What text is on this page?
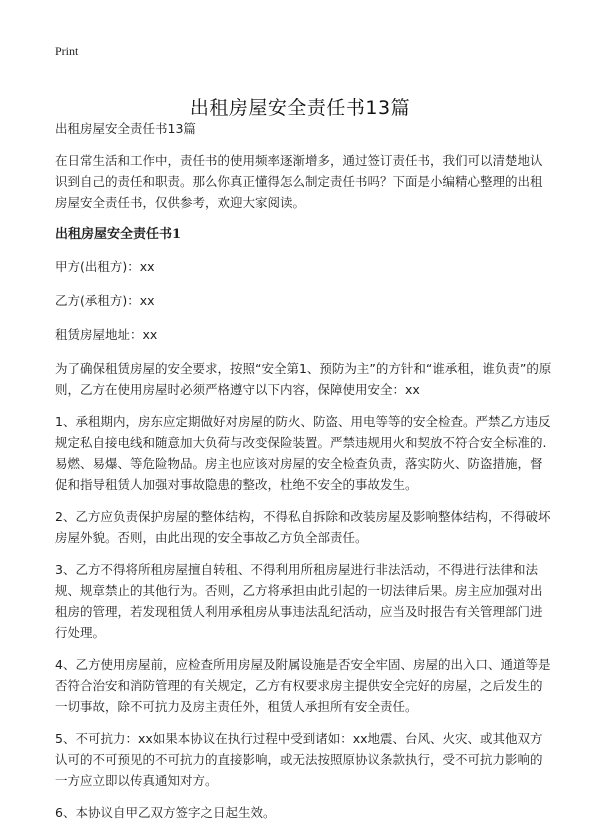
Print
出租房屋安全责任书13篇

出租房屋安全责任书13篇

在日常生活和工作中，责任书的使用频率逐渐增多，通过签订责任书，我们可以清楚地认识到自己的责任和职责。那么你真正懂得怎么制定责任书吗？下面是小编精心整理的出租房屋安全责任书，仅供参考，欢迎大家阅读。

出租房屋安全责任书1

甲方(出租方)：xx

乙方(承租方)：xx

租赁房屋地址：xx

为了确保租赁房屋的安全要求，按照“安全第1、预防为主”的方针和“谁承租，谁负责”的原则，乙方在使用房屋时必须严格遵守以下内容，保障使用安全：xx

1、承租期内，房东应定期做好对房屋的防火、防盗、用电等等的安全检查。严禁乙方违反规定私自接电线和随意加大负荷与改变保险装置。严禁违规用火和契放不符合安全标准的.易燃、易爆、等危险物品。房主也应该对房屋的安全检查负责，落实防火、防盗措施，督促和指导租赁人加强对事故隐患的整改，杜绝不安全的事故发生。

2、乙方应负责保护房屋的整体结构，不得私自拆除和改装房屋及影响整体结构，不得破坏房屋外貌。否则，由此出现的安全事故乙方负全部责任。

3、乙方不得将所租房屋擅自转租、不得利用所租房屋进行非法活动，不得进行法律和法规、规章禁止的其他行为。否则，乙方将承担由此引起的一切法律后果。房主应加强对出租房的管理，若发现租赁人利用承租房从事违法乱纪活动，应当及时报告有关管理部门进行处理。

4、乙方使用房屋前，应检查所用房屋及附属设施是否安全牢固、房屋的出入口、通道等是否符合治安和消防管理的有关规定，乙方有权要求房主提供安全完好的房屋，之后发生的一切事故，除不可抗力及房主责任外，租赁人承担所有安全责任。

5、不可抗力：xx如果本协议在执行过程中受到诸如：xx地震、台风、火灾、或其他双方认可的不可预见的不可抗力的直接影响，或无法按照原协议条款执行，受不可抗力影响的一方应立即以传真通知对方。

6、本协议自甲乙双方签字之日起生效。
